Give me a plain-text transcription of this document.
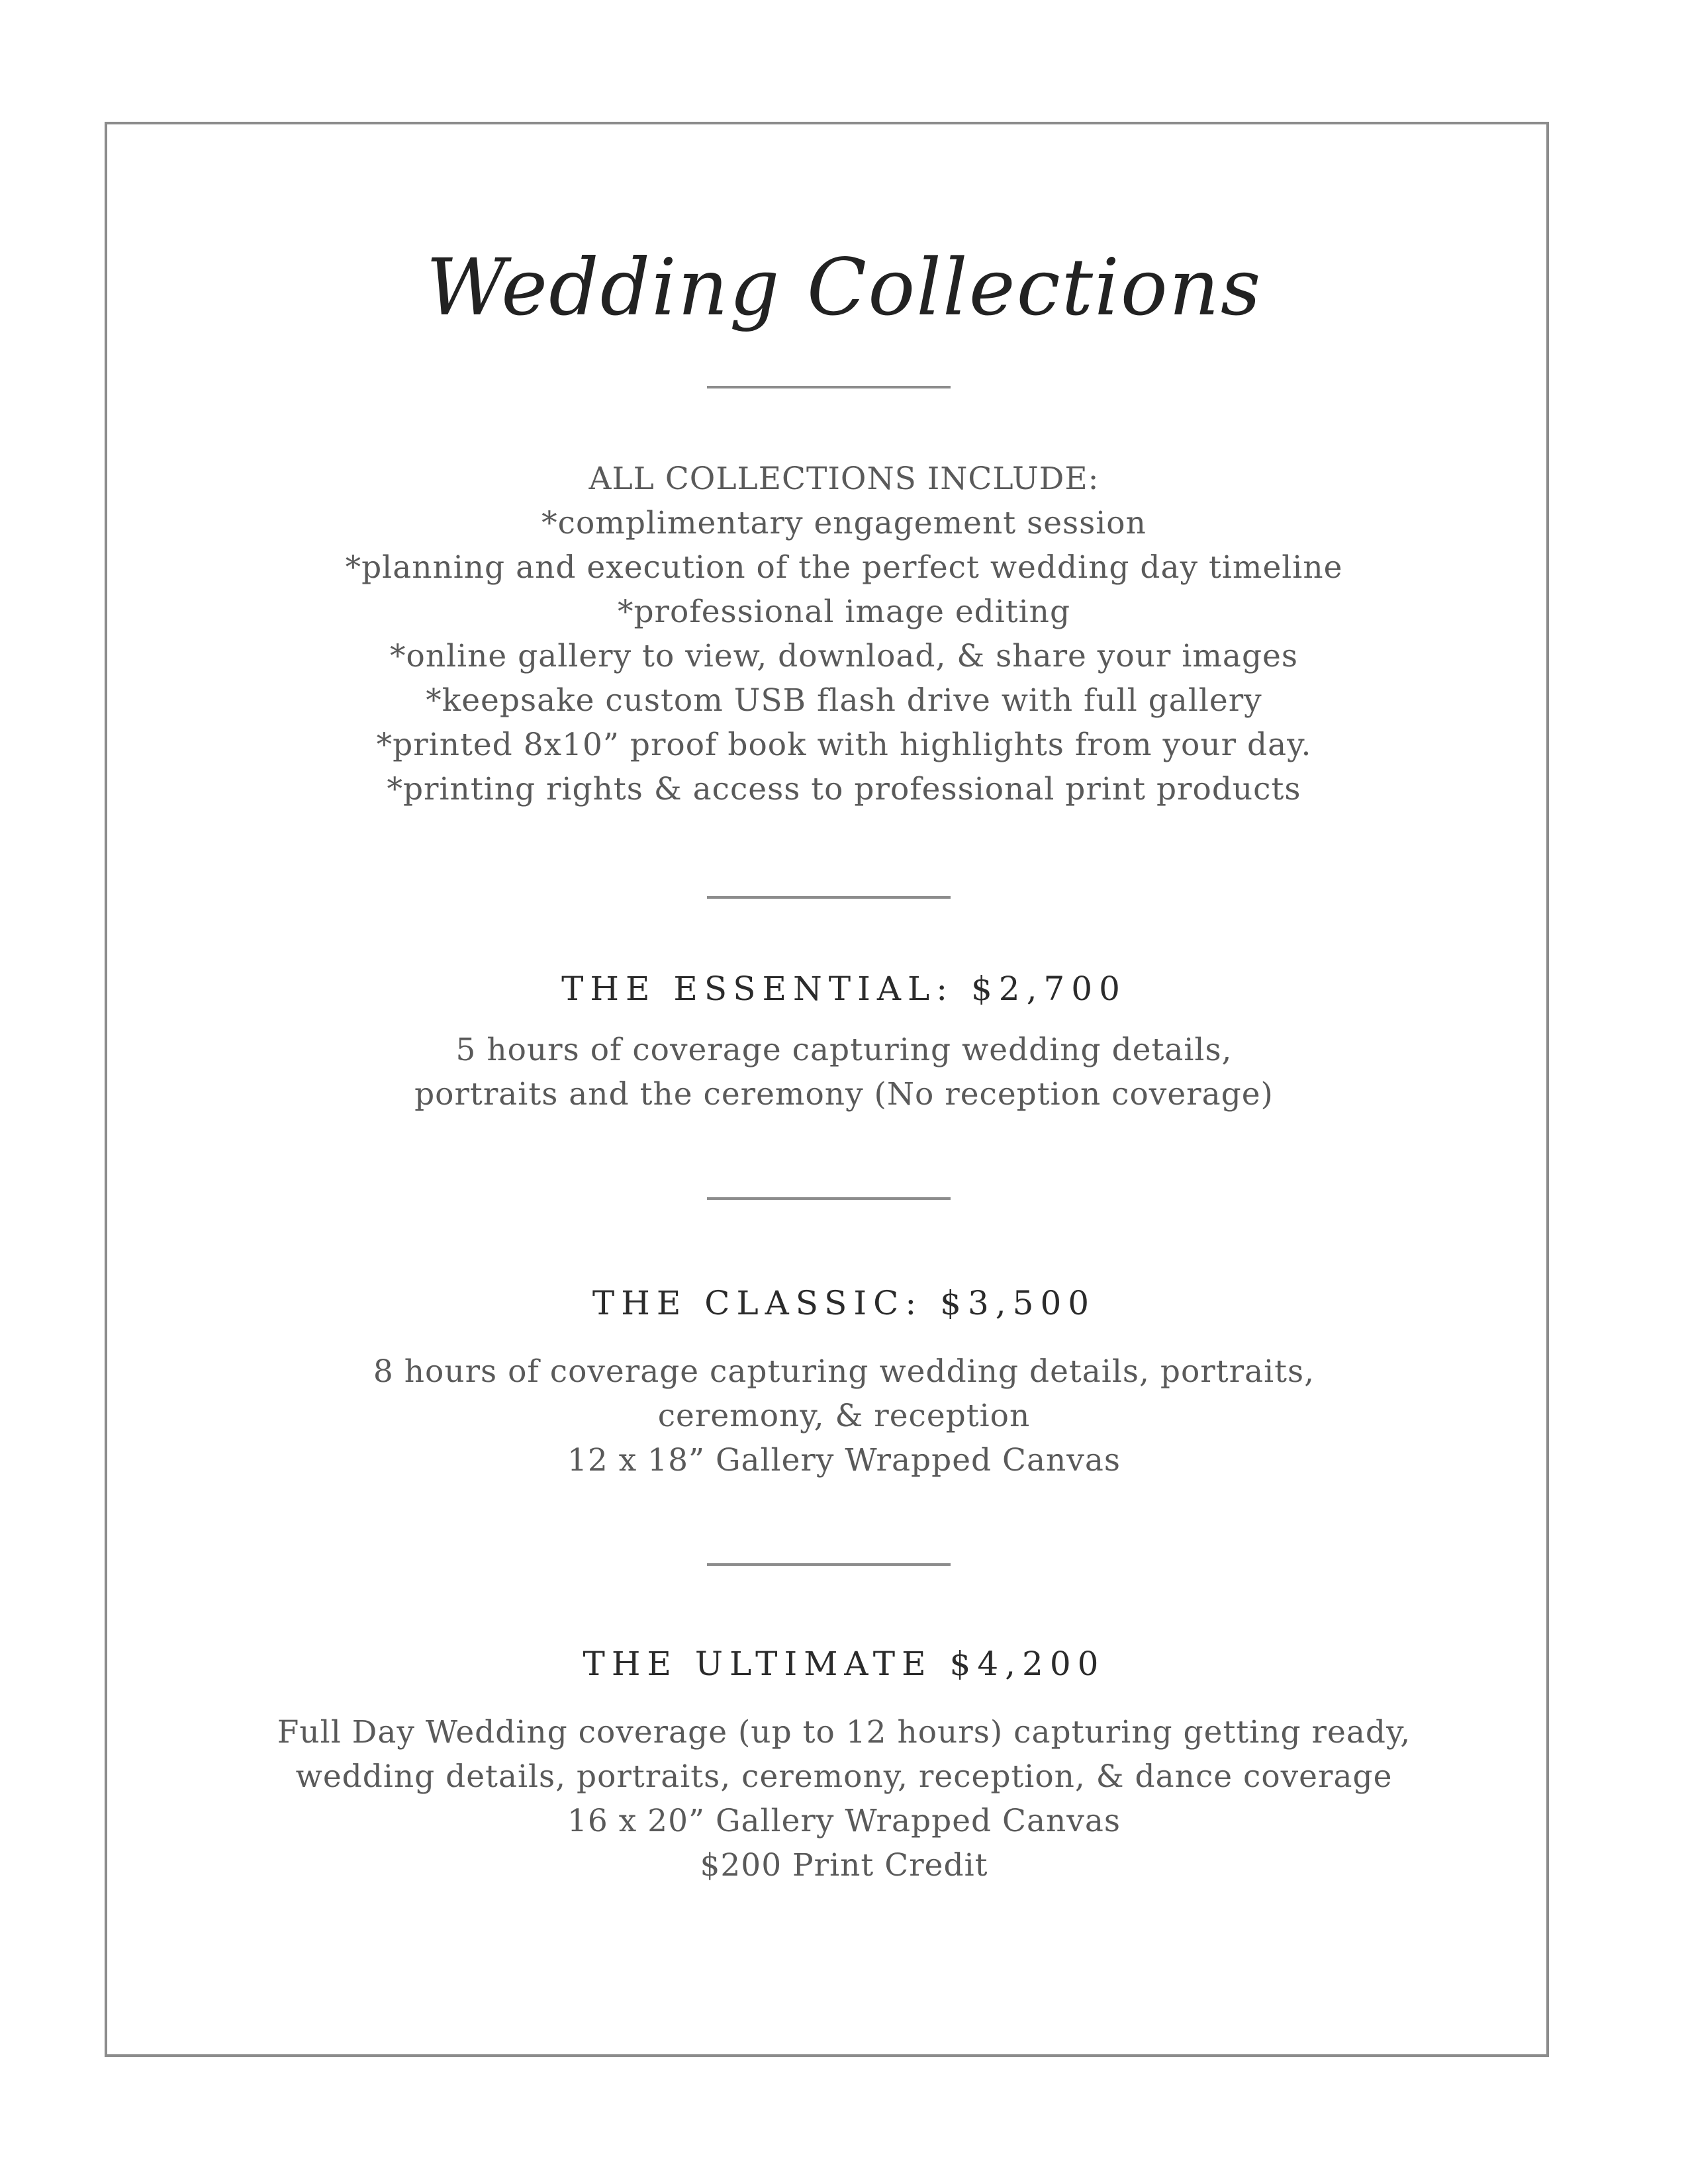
Wedding Collections
ALL COLLECTIONS INCLUDE:
*complimentary engagement session
*planning and execution of the perfect wedding day timeline
*professional image editing
*online gallery to view, download, & share your images
*keepsake custom USB flash drive with full gallery
*printed 8x10” proof book with highlights from your day.
*printing rights & access to professional print products
THE ESSENTIAL: $2,700
5 hours of coverage capturing wedding details,
portraits and the ceremony (No reception coverage)
THE CLASSIC: $3,500
8 hours of coverage capturing wedding details, portraits,
ceremony, & reception
12 x 18” Gallery Wrapped Canvas
THE ULTIMATE $4,200
Full Day Wedding coverage (up to 12 hours) capturing getting ready,
wedding details, portraits, ceremony, reception, & dance coverage
16 x 20” Gallery Wrapped Canvas
$200 Print Credit
